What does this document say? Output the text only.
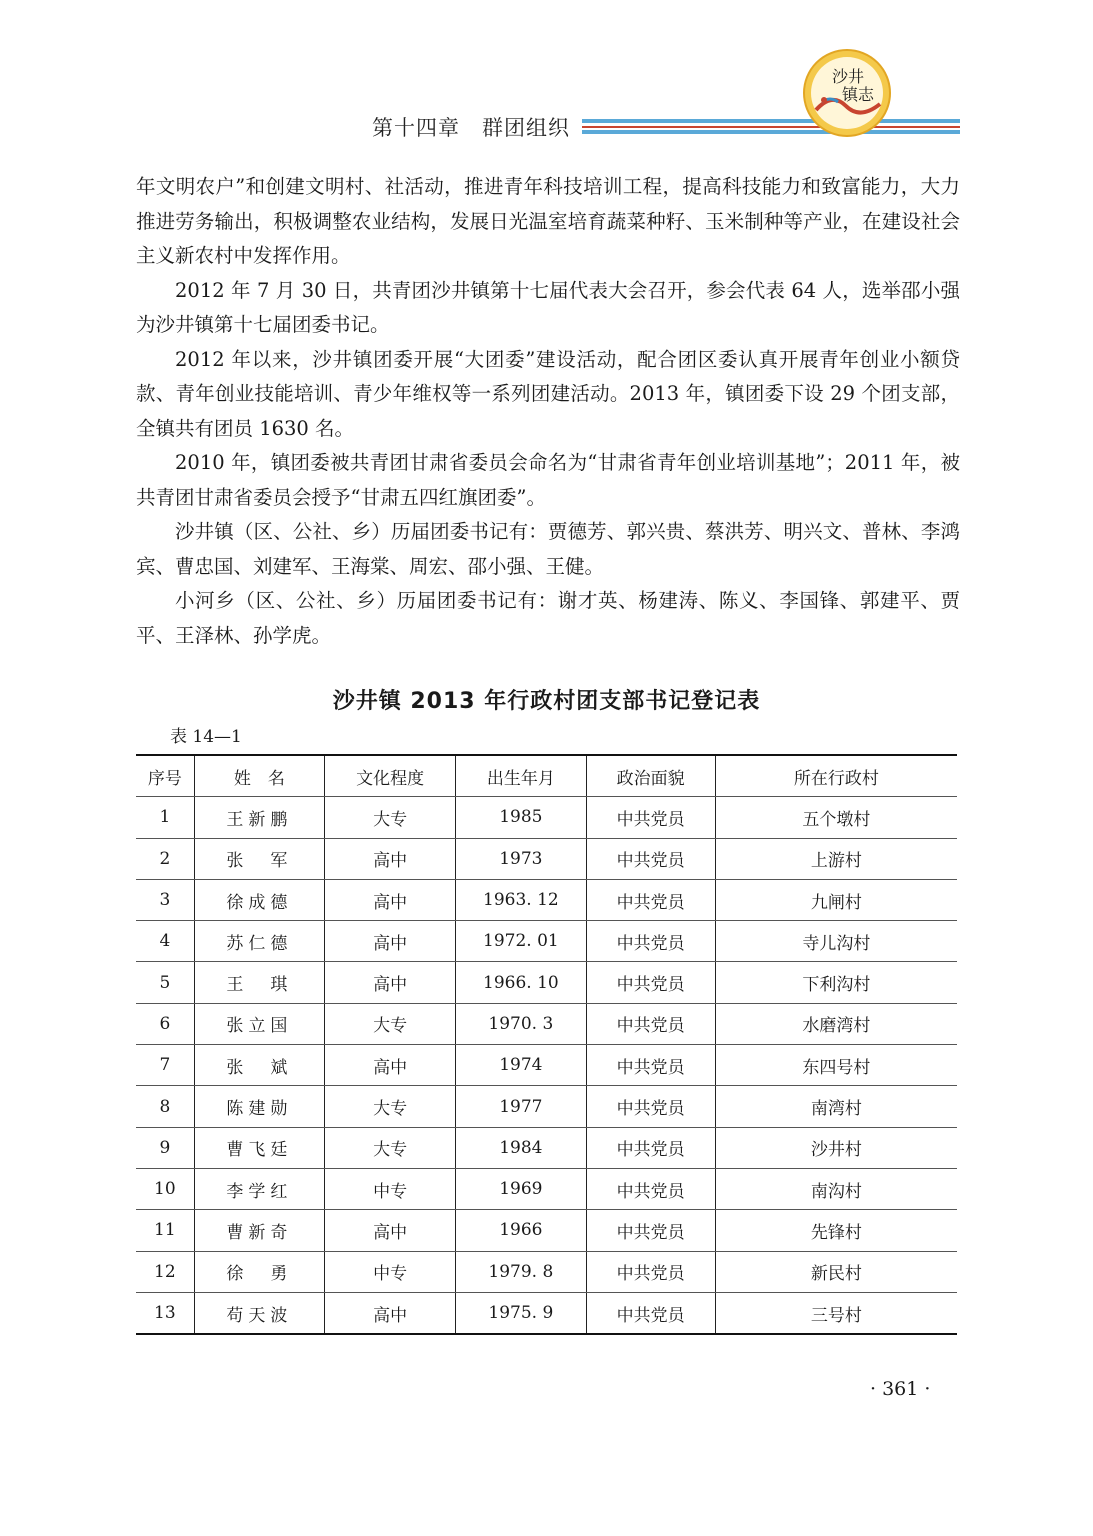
第十四章　群团组织
沙井
镇志

年文明农户”和创建文明村、社活动，推进青年科技培训工程，提高科技能力和致富能力，大力推进劳务输出，积极调整农业结构，发展日光温室培育蔬菜种籽、玉米制种等产业，在建设社会主义新农村中发挥作用。

2012 年 7 月 30 日，共青团沙井镇第十七届代表大会召开，参会代表 64 人，选举邵小强为沙井镇第十七届团委书记。

2012 年以来，沙井镇团委开展“大团委”建设活动，配合团区委认真开展青年创业小额贷款、青年创业技能培训、青少年维权等一系列团建活动。2013 年，镇团委下设 29 个团支部，全镇共有团员 1630 名。

2010 年，镇团委被共青团甘肃省委员会命名为“甘肃省青年创业培训基地”；2011 年，被共青团甘肃省委员会授予“甘肃五四红旗团委”。

沙井镇（区、公社、乡）历届团委书记有：贾德芳、郭兴贵、蔡洪芳、明兴文、普林、李鸿宾、曹忠国、刘建军、王海棠、周宏、邵小强、王健。

小河乡（区、公社、乡）历届团委书记有：谢才英、杨建涛、陈义、李国锋、郭建平、贾平、王泽林、孙学虎。

沙井镇 2013 年行政村团支部书记登记表
表 14—1
序号	姓　名	文化程度	出生年月	政治面貌	所在行政村
1	王新鹏	大专	1985	中共党员	五个墩村
2	张　军	高中	1973	中共党员	上游村
3	徐成德	高中	1963. 12	中共党员	九闸村
4	苏仁德	高中	1972. 01	中共党员	寺儿沟村
5	王　琪	高中	1966. 10	中共党员	下利沟村
6	张立国	大专	1970. 3	中共党员	水磨湾村
7	张　斌	高中	1974	中共党员	东四号村
8	陈建勋	大专	1977	中共党员	南湾村
9	曹飞廷	大专	1984	中共党员	沙井村
10	李学红	中专	1969	中共党员	南沟村
11	曹新奇	高中	1966	中共党员	先锋村
12	徐　勇	中专	1979. 8	中共党员	新民村
13	苟天波	高中	1975. 9	中共党员	三号村
· 361 ·
